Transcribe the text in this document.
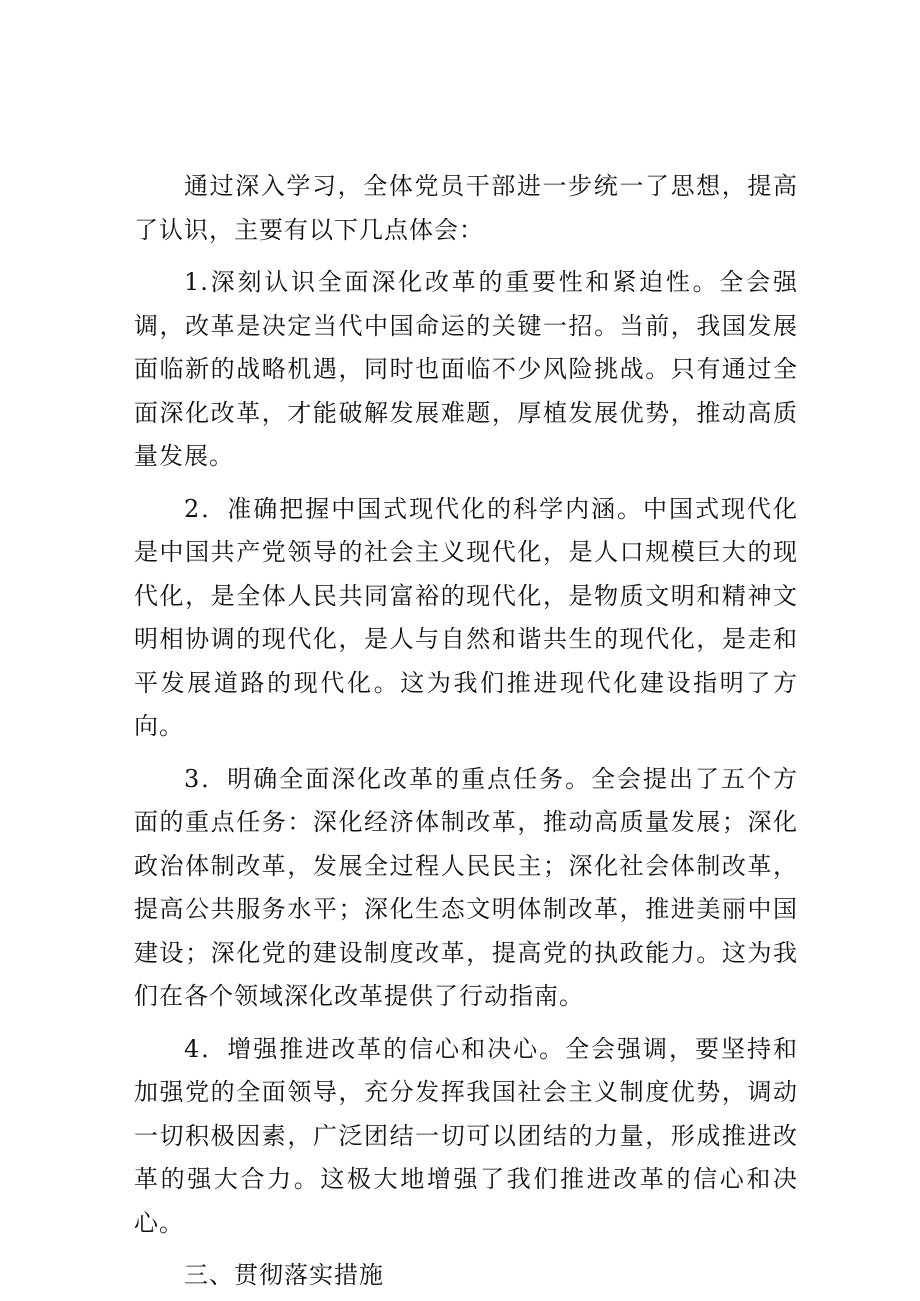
通过深入学习，全体党员干部进一步统一了思想，提高了认识，主要有以下几点体会：

1.深刻认识全面深化改革的重要性和紧迫性。全会强调，改革是决定当代中国命运的关键一招。当前，我国发展面临新的战略机遇，同时也面临不少风险挑战。只有通过全面深化改革，才能破解发展难题，厚植发展优势，推动高质量发展。

2．准确把握中国式现代化的科学内涵。中国式现代化是中国共产党领导的社会主义现代化，是人口规模巨大的现代化，是全体人民共同富裕的现代化，是物质文明和精神文明相协调的现代化，是人与自然和谐共生的现代化，是走和平发展道路的现代化。这为我们推进现代化建设指明了方向。

3．明确全面深化改革的重点任务。全会提出了五个方面的重点任务：深化经济体制改革，推动高质量发展；深化政治体制改革，发展全过程人民民主；深化社会体制改革，提高公共服务水平；深化生态文明体制改革，推进美丽中国建设；深化党的建设制度改革，提高党的执政能力。这为我们在各个领域深化改革提供了行动指南。

4．增强推进改革的信心和决心。全会强调，要坚持和加强党的全面领导，充分发挥我国社会主义制度优势，调动一切积极因素，广泛团结一切可以团结的力量，形成推进改革的强大合力。这极大地增强了我们推进改革的信心和决心。

三、贯彻落实措施
